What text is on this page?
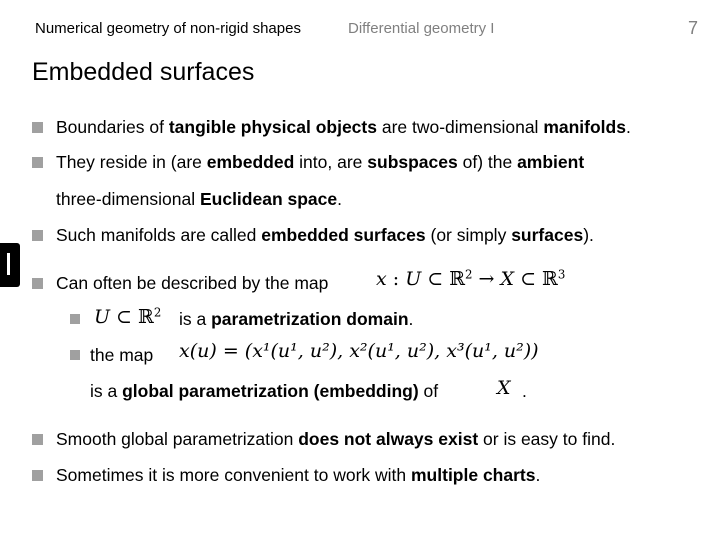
Numerical geometry of non-rigid shapes	Differential geometry I	7
Embedded surfaces
Boundaries of tangible physical objects are two-dimensional manifolds.
They reside in (are embedded into, are subspaces of) the ambient
three-dimensional Euclidean space.
Such manifolds are called embedded surfaces (or simply surfaces).
Can often be described by the map	x : U ⊂ ℝ$^2$ → X ⊂ ℝ$^3$
U ⊂ ℝ$^2$ is a parametrization domain.
the map x(u) = (x¹(u¹, u²), x²(u¹, u²), x³(u¹, u²))
is a global parametrization (embedding) of	X .
Smooth global parametrization does not always exist or is easy to find.
Sometimes it is more convenient to work with multiple charts.
